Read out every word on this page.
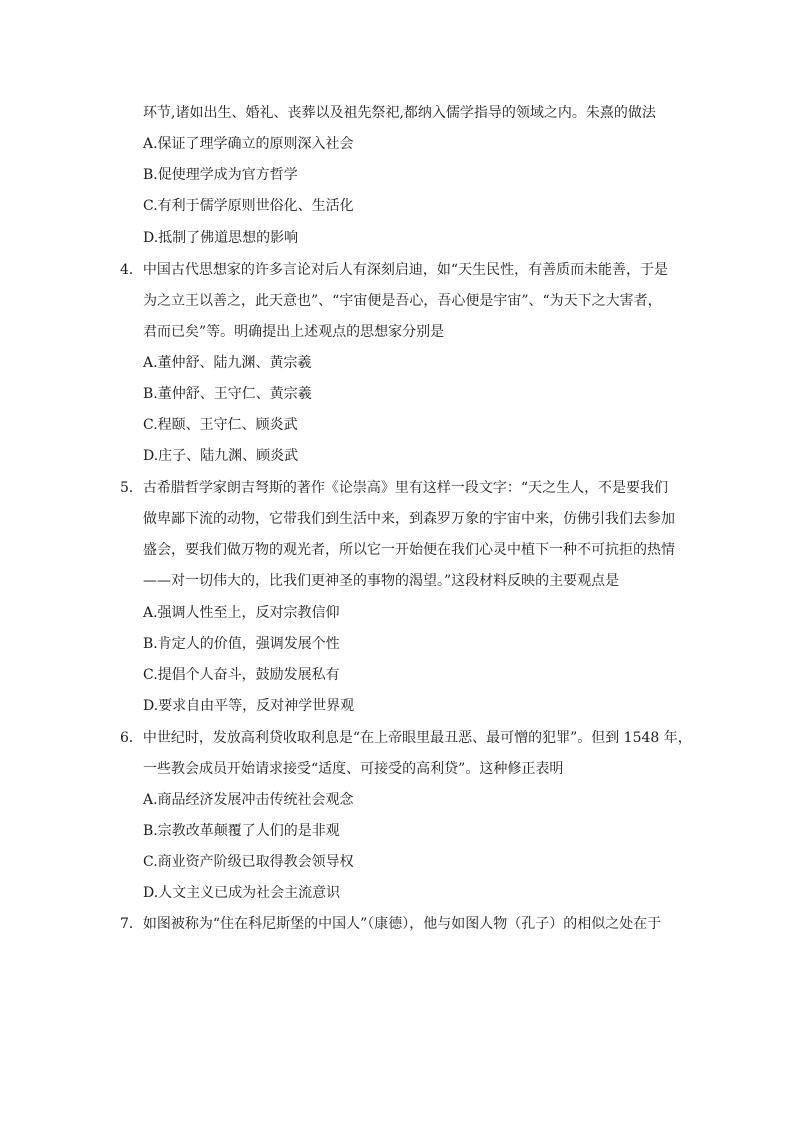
环节,诸如出生、婚礼、丧葬以及祖先祭祀,都纳入儒学指导的领域之内。朱熹的做法
A.保证了理学确立的原则深入社会
B.促使理学成为官方哲学
C.有利于儒学原则世俗化、生活化
D.抵制了佛道思想的影响
4．中国古代思想家的许多言论对后人有深刻启迪，如“天生民性，有善质而未能善，于是
为之立王以善之，此天意也”、“宇宙便是吾心，吾心便是宇宙”、“为天下之大害者，
君而已矣”等。明确提出上述观点的思想家分别是
A.董仲舒、陆九渊、黄宗羲
B.董仲舒、王守仁、黄宗羲
C.程颐、王守仁、顾炎武
D.庄子、陆九渊、顾炎武
5．古希腊哲学家朗吉弩斯的著作《论崇高》里有这样一段文字：“天之生人，不是要我们
做卑鄙下流的动物，它带我们到生活中来，到森罗万象的宇宙中来，仿佛引我们去参加
盛会，要我们做万物的观光者，所以它一开始便在我们心灵中植下一种不可抗拒的热情
——对一切伟大的，比我们更神圣的事物的渴望。”这段材料反映的主要观点是
A.强调人性至上，反对宗教信仰
B.肯定人的价值，强调发展个性
C.提倡个人奋斗，鼓励发展私有
D.要求自由平等，反对神学世界观
6．中世纪时，发放高利贷收取利息是“在上帝眼里最丑恶、最可憎的犯罪”。但到 1548 年，
一些教会成员开始请求接受“适度、可接受的高利贷”。这种修正表明
A.商品经济发展冲击传统社会观念
B.宗教改革颠覆了人们的是非观
C.商业资产阶级已取得教会领导权
D.人文主义已成为社会主流意识
7．如图被称为“住在科尼斯堡的中国人”（康德），他与如图人物（孔子）的相似之处在于
